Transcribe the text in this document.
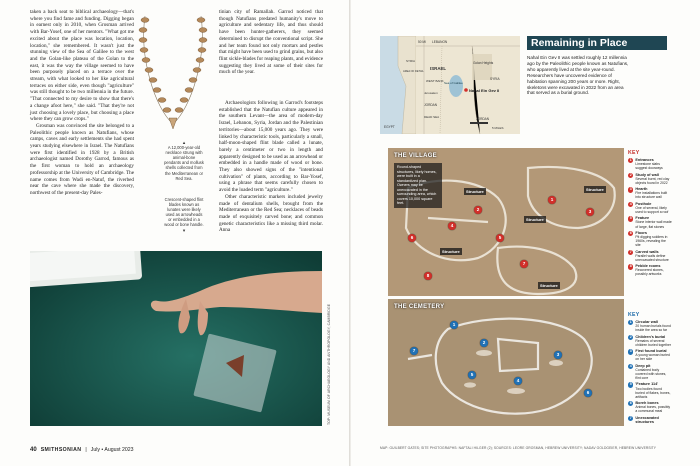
taken a back seat to biblical archaeology—that's where you find fame and funding. Digging began in earnest only in 2010, when Grosman arrived with Bar-Yosef, one of her mentors. "What got me excited about the place was location, location, location," she remembered. It wasn't just the stunning view of the Sea of Galilee to the west and the Golan-like plateau of the Golan to the east, it was the way the village seemed to have been purposely placed on a terrace over the stream, with what looked to her like agricultural terraces on either side, even though "agriculture" was still thought to be two millennia in the future. "That connected to my desire to show that there's a change afoot here," she said. "That they're not just choosing a lovely place, but choosing a place where they can grow crops."

Grosman was convinced the site belonged to a Paleolithic people known as Natufians, whose camps, caves and early settlements she had spent years studying elsewhere in Israel. The Natufians were first identified in 1928 by a British archaeologist named Dorothy Garrod, famous as the first woman to hold an archaeology professorship at the University of Cambridge. The name comes from Wadi en-Natuf, the riverbed near the cave where she made the discovery, northwest of the present-day Pales-

tinian city of Ramallah. Garrod noticed that though Natufians predated humanity's move to agriculture and sedentary life, and thus should have been hunter-gatherers, they seemed determined to disrupt the conventional script. She and her team found not only mortars and pestles that might have been used to grind grains, but also flint sickle-blades for reaping plants, and evidence suggesting they lived at some of their sites for much of the year.

Archaeologists following in Garrod's footsteps established that the Natufian culture appeared in the southern Levant—the area of modern-day Israel, Lebanon, Syria, Jordan and the Palestinian territories—about 15,000 years ago. They were linked by characteristic tools, particularly a small, half-moon-shaped flint blade called a lunate, barely a centimeter or two in length and apparently designed to be used as an arrowhead or embedded in a handle made of wood or bone. They also showed signs of the "intentional cultivation" of plants, according to Bar-Yosef, using a phrase that seems carefully chosen to avoid the loaded term "agriculture."

Other characteristic markers included jewelry made of dentalium shells, brought from the Mediterranean or the Red Sea; necklaces of beads made of exquisitely carved bone; and common genetic characteristics like a missing third molar. Anna

▲
A 12,000-year-old necklace strung with animal-bone pendants and mollusk shells collected from the Mediterranean or Red Sea.
Crescent-shaped flint blades known as lunates were likely used as arrowheads or embedded in a wood or bone handle.
▼
TOP: MUSEUM OF ARCHAEOLOGY AND ANTHROPOLOGY, CAMBRIDGE
40 SMITHSONIAN | July • August 2023
50 MI LEBANON
ISRAEL
SYRIA
AREA OF DETAIL
Golan Heights
Sea of Galilee
Nahal Ein Gev II
SYRIA
WEST BANK
Jerusalem
JORDAN
DEAD SEA
EGYPT
JORDAN
5 MILES
Remaining in Place
Nahal Ein Gev II was settled roughly 12 millennia ago by the Paleolithic people known as Natufians, who apparently lived at the site year-round. Researchers have uncovered evidence of habitation spanning 200 years or more. Right, skeletons were excavated in 2022 from an area that served as a burial ground.
THE VILLAGE
Round-shaped structures, likely homes, were built in a standardized plan. Owners may be unexcavated in the surrounding area, which covers 10,000 square feet.
Structure	Structure
Structure
Structure
Structure
1
2	3
4
5
6
7
8
KEY
1 Entrances
Limestone slabs suggest doorways
2 Study of wall
Several burnt, red clay objects found in 2022
3 Hearth
Fire installations built into structure wall
4 Posthole
One of several, likely used to support a roof
5 Feature
Stone interior wall made of large, flat stones
6 Floors
Pit digging soldiers in 1960s, revealing the site
7 Carved walls
Parallel walls define unexcavated structure
8 Pebble rooms
Recovered stones, possibly artworks
THE CEMETERY
1
2
3
4
5
6
7
KEY
1 Circular wall
20 human burials found inside the area so far
2 Children's burial
Remains of several children buried together
3 First found burial
A young woman buried on her side
4 Deep pit
Contained body covered with stones, flint core
5 'Feature 114'
Two bodies found buried of flakes, bones, artifacts
6 Boreh bones
Animal bones, possibly a communal meal
7 Unexcavated structures
MAP: GUILBERT GATES; SITE PHOTOGRAPHS: NAFTALI HILGER (2); SOURCES: LEORE GROSMAN, HEBREW UNIVERSITY; NADAV GOLDGEIER, HEBREW UNIVERSITY
